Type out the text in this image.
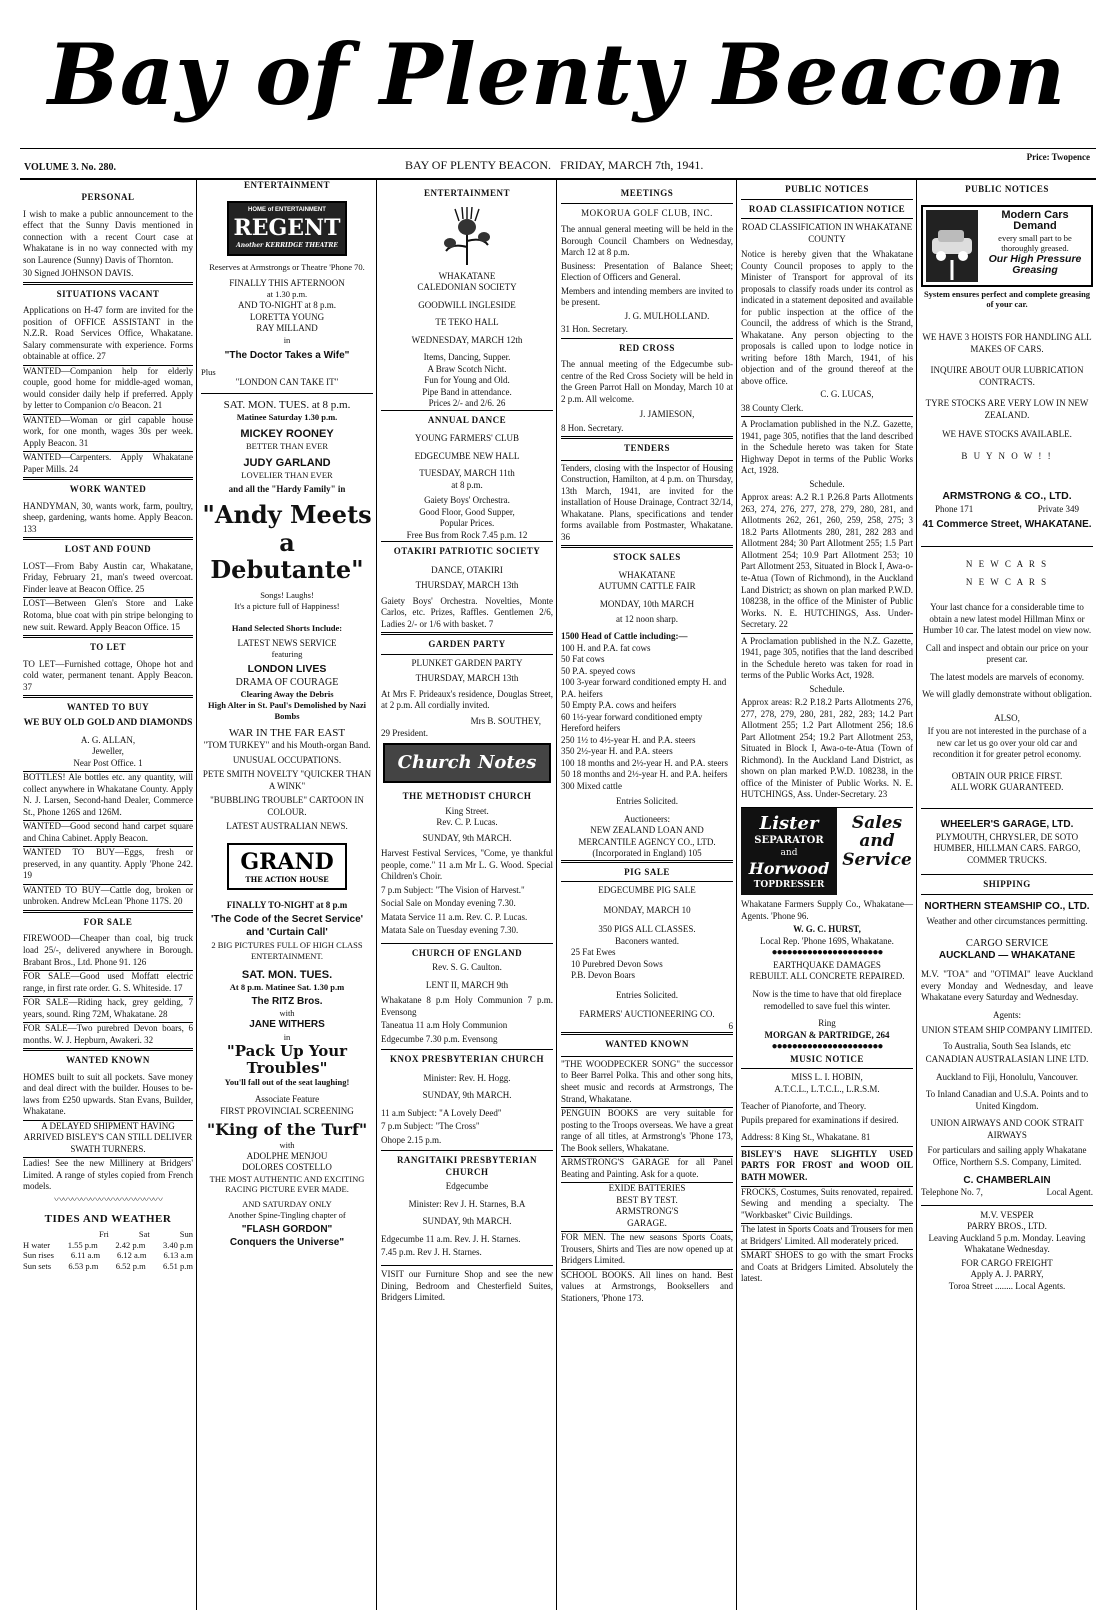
Bay of Plenty Beacon
VOLUME 3. No. 280.	BAY OF PLENTY BEACON. FRIDAY, MARCH 7th, 1941.
Price: Twopence
PERSONAL
I wish to make a public announcement to the effect that the Sunny Davis mentioned in connection with a recent Court case at Whakatane is in no way connected with my son Laurence (Sunny) Davis of Thornton.
30 Signed JOHNSON DAVIS.
SITUATIONS VACANT
Applications on H-47 form are invited for the position of OFFICE ASSISTANT in the N.Z.R. Road Services Office, Whakatane. Salary commensurate with experience. Forms obtainable at office. 27
WANTED—Companion help for elderly couple, good home for middle-aged woman, would consider daily help if preferred. Apply by letter to Companion c/o Beacon. 21
WANTED—Woman or girl capable house work, for one month, wages 30s per week. Apply Beacon. 31
WANTED—Carpenters. Apply Whakatane Paper Mills. 24
WORK WANTED
HANDYMAN, 30, wants work, farm, poultry, sheep, gardening, wants home. Apply Beacon. 133
LOST AND FOUND
LOST—From Baby Austin car, Whakatane, Friday, February 21, man's tweed overcoat. Finder leave at Beacon Office. 25
LOST—Between Glen's Store and Lake Rotoma, blue coat with pin stripe belonging to new suit. Reward. Apply Beacon Office. 15
TO LET
TO LET—Furnished cottage, Ohope hot and cold water, permanent tenant. Apply Beacon. 37
WANTED TO BUY
WE BUY OLD GOLD AND DIAMONDS
A. G. ALLAN,
Jeweller,
Near Post Office. 1
BOTTLES! Ale bottles etc. any quantity, will collect anywhere in Whakatane County. Apply N. J. Larsen, Second-hand Dealer, Commerce St., Phone 126S and 126M.
WANTED—Good second hand carpet square and China Cabinet. Apply Beacon.
WANTED TO BUY—Eggs, fresh or preserved, in any quantity. Apply 'Phone 242. 19
WANTED TO BUY—Cattle dog, broken or unbroken. Andrew McLean 'Phone 117S. 20
FOR SALE
FIREWOOD—Cheaper than coal, big truck load 25/-, delivered anywhere in Borough. Brabant Bros., Ltd. Phone 91. 126
FOR SALE—Good used Moffatt electric range, in first rate order. G. S. Whiteside. 17
FOR SALE—Riding hack, grey gelding, 7 years, sound. Ring 72M, Whakatane. 28
FOR SALE—Two purebred Devon boars, 6 months. W. J. Hepburn, Awakeri. 32
WANTED KNOWN
HOMES built to suit all pockets. Save money and deal direct with the builder. Houses to be-laws from £250 upwards. Stan Evans, Builder, Whakatane.
A DELAYED SHIPMENT HAVING ARRIVED BISLEY'S CAN STILL DELIVER SWATH TURNERS.
Ladies! See the new Millinery at Bridgers' Limited. A range of styles copied from French models.
〰〰〰〰〰〰〰〰〰〰〰〰
TIDES AND WEATHER
Fri	Sat	Sun
H water 1.55 p.m 2.42 p.m 3.40 p.m
Sun rises 6.11 a.m 6.12 a.m 6.13 a.m
Sun sets 6.53 p.m 6.52 p.m 6.51 p.m
ENTERTAINMENT
HOME of ENTERTAINMENT
REGENT
Another KERRIDGE THEATRE
Reserves at Armstrongs or Theatre 'Phone 70.
FINALLY THIS AFTERNOON
at 1.30 p.m.
AND TO-NIGHT at 8 p.m.
LORETTA YOUNG
RAY MILLAND
in
"The Doctor Takes a Wife"
Plus
"LONDON CAN TAKE IT"
SAT. MON. TUES. at 8 p.m.
Matinee Saturday 1.30 p.m.
MICKEY ROONEY
BETTER THAN EVER
JUDY GARLAND
LOVELIER THAN EVER
and all the "Hardy Family" in
"Andy Meets
a Debutante"
Songs! Laughs!
It's a picture full of Happiness!
Hand Selected Shorts Include:
LATEST NEWS SERVICE
featuring
LONDON LIVES
DRAMA OF COURAGE
Clearing Away the Debris
High Alter in St. Paul's Demolished by Nazi Bombs
WAR IN THE FAR EAST
"TOM TURKEY" and his Mouth-organ Band.
UNUSUAL OCCUPATIONS.
PETE SMITH NOVELTY "QUICKER THAN A WINK"
"BUBBLING TROUBLE" CARTOON IN COLOUR.
LATEST AUSTRALIAN NEWS.
GRAND
THE ACTION HOUSE
FINALLY TO-NIGHT at 8 p.m
'The Code of the Secret Service'
and 'Curtain Call'
2 BIG PICTURES FULL OF HIGH CLASS ENTERTAINMENT.
SAT. MON. TUES.
At 8 p.m. Matinee Sat. 1.30 p.m
The RITZ Bros.
with
JANE WITHERS
in
"Pack Up Your Troubles"
You'll fall out of the seat laughing!
Associate Feature
FIRST PROVINCIAL SCREENING
"King of the Turf"
with
ADOLPHE MENJOU
DOLORES COSTELLO
THE MOST AUTHENTIC AND EXCITING RACING PICTURE EVER MADE.
AND SATURDAY ONLY
Another Spine-Tingling chapter of
"FLASH GORDON"
Conquers the Universe"
ENTERTAINMENT
WHAKATANE
CALEDONIAN SOCIETY
GOODWILL INGLESIDE
TE TEKO HALL
WEDNESDAY, MARCH 12th
Items, Dancing, Supper.
A Braw Scotch Nicht.
Fun for Young and Old.
Pipe Band in attendance.
Prices 2/- and 2/6. 26
ANNUAL DANCE
YOUNG FARMERS' CLUB
EDGECUMBE NEW HALL
TUESDAY, MARCH 11th
at 8 p.m.
Gaiety Boys' Orchestra.
Good Floor, Good Supper,
Popular Prices.
Free Bus from Rock 7.45 p.m. 12
OTAKIRI PATRIOTIC SOCIETY
DANCE, OTAKIRI
THURSDAY, MARCH 13th
Gaiety Boys' Orchestra. Novelties, Monte Carlos, etc. Prizes, Raffles. Gentlemen 2/6, Ladies 2/- or 1/6 with basket. 7
GARDEN PARTY
PLUNKET GARDEN PARTY
THURSDAY, MARCH 13th
At Mrs F. Prideaux's residence, Douglas Street, at 2 p.m. All cordially invited.
Mrs B. SOUTHEY,
29 President.
Church Notes
THE METHODIST CHURCH
King Street.
Rev. C. P. Lucas.
SUNDAY, 9th MARCH.
Harvest Festival Services, "Come, ye thankful people, come." 11 a.m Mr L. G. Wood. Special Children's Choir.
7 p.m Subject: "The Vision of Harvest."
Social Sale on Monday evening 7.30.
Matata Service 11 a.m. Rev. C. P. Lucas.
Matata Sale on Tuesday evening 7.30.
CHURCH OF ENGLAND
Rev. S. G. Caulton.
LENT II, MARCH 9th
Whakatane 8 p.m Holy Communion 7 p.m. Evensong
Taneatua 11 a.m Holy Communion
Edgecumbe 7.30 p.m. Evensong
KNOX PRESBYTERIAN CHURCH
Minister: Rev. H. Hogg.
SUNDAY, 9th MARCH.
11 a.m Subject: "A Lovely Deed"
7 p.m Subject: "The Cross"
Ohope 2.15 p.m.
RANGITAIKI PRESBYTERIAN CHURCH
Edgecumbe
Minister: Rev J. H. Starnes, B.A
SUNDAY, 9th MARCH.
Edgecumbe 11 a.m. Rev. J. H. Starnes.
7.45 p.m. Rev J. H. Starnes.
VISIT our Furniture Shop and see the new Dining, Bedroom and Chesterfield Suites, Bridgers Limited.
MEETINGS
MOKORUA GOLF CLUB, INC.
The annual general meeting will be held in the Borough Council Chambers on Wednesday, March 12 at 8 p.m.
Business: Presentation of Balance Sheet; Election of Officers and General.
Members and intending members are invited to be present.
J. G. MULHOLLAND.
31 Hon. Secretary.
RED CROSS
The annual meeting of the Edgecumbe sub-centre of the Red Cross Society will be held in the Green Parrot Hall on Monday, March 10 at 2 p.m. All welcome.
J. JAMIESON,
8 Hon. Secretary.
TENDERS
Tenders, closing with the Inspector of Housing Construction, Hamilton, at 4 p.m. on Thursday, 13th March, 1941, are invited for the installation of House Drainage, Contract 32/14, Whakatane. Plans, specifications and tender forms available from Postmaster, Whakatane. 36
STOCK SALES
WHAKATANE
AUTUMN CATTLE FAIR
MONDAY, 10th MARCH
at 12 noon sharp.
1500 Head of Cattle including:—
100 H. and P.A. fat cows
50 Fat cows
50 P.A. speyed cows
100 3-year forward conditioned empty H. and P.A. heifers
50 Empty P.A. cows and heifers
60 1½-year forward conditioned empty Hereford heifers
250 1½ to 4½-year H. and P.A. steers
350 2½-year H. and P.A. steers
100 18 months and 2½-year H. and P.A. steers
50 18 months and 2½-year H. and P.A. heifers
300 Mixed cattle
Entries Solicited.
Auctioneers:
NEW ZEALAND LOAN AND MERCANTILE AGENCY CO., LTD.
(Incorporated in England) 105
PIG SALE
EDGECUMBE PIG SALE
MONDAY, MARCH 10
350 PIGS ALL CLASSES.
Baconers wanted.
25 Fat Ewes
10 Purebred Devon Sows
P.B. Devon Boars
Entries Solicited.
FARMERS' AUCTIONEERING CO.
6
WANTED KNOWN
"THE WOODPECKER SONG" the successor to Beer Barrel Polka. This and other song hits, sheet music and records at Armstrongs, The Strand, Whakatane.
PENGUIN BOOKS are very suitable for posting to the Troops overseas. We have a great range of all titles, at Armstrong's 'Phone 173, The Book sellers, Whakatane.
ARMSTRONG'S GARAGE for all Panel Beating and Painting. Ask for a quote.
EXIDE BATTERIES
BEST BY TEST.
ARMSTRONG'S
GARAGE.
FOR MEN. The new seasons Sports Coats, Trousers, Shirts and Ties are now opened up at Bridgers Limited.
SCHOOL BOOKS. All lines on hand. Best values at Armstrongs, Booksellers and Stationers, 'Phone 173.
PUBLIC NOTICES
ROAD CLASSIFICATION NOTICE
ROAD CLASSIFICATION IN WHAKATANE COUNTY
Notice is hereby given that the Whakatane County Council proposes to apply to the Minister of Transport for approval of its proposals to classify roads under its control as indicated in a statement deposited and available for public inspection at the office of the Council, the address of which is the Strand, Whakatane. Any person objecting to the proposals is called upon to lodge notice in writing before 18th March, 1941, of his objection and of the ground thereof at the above office.
C. G. LUCAS,
38 County Clerk.
A Proclamation published in the N.Z. Gazette, 1941, page 305, notifies that the land described in the Schedule hereto was taken for State Highway Depot in terms of the Public Works Act, 1928.
Schedule.
Approx areas: A.2 R.1 P.26.8 Parts Allotments 263, 274, 276, 277, 278, 279, 280, 281, and Allotments 262, 261, 260, 259, 258, 275; 3 18.2 Parts Allotments 280, 281, 282 283 and Allotment 284; 30 Part Allotment 255; 1.5 Part Allotment 254; 10.9 Part Allotment 253; 10 Part Allotment 253, Situated in Block I, Awa-o-te-Atua (Town of Richmond), in the Auckland Land District; as shown on plan marked P.W.D. 108238, in the office of the Minister of Public Works. N. E. HUTCHINGS, Ass. Under-Secretary. 22
A Proclamation published in the N.Z. Gazette, 1941, page 305, notifies that the land described in the Schedule hereto was taken for road in terms of the Public Works Act, 1928.
Schedule.
Approx areas: R.2 P.18.2 Parts Allotments 276, 277, 278, 279, 280, 281, 282, 283; 14.2 Part Allotment 255; 1.2 Part Allotment 256; 18.6 Part Allotment 254; 19.2 Part Allotment 253, Situated in Block I, Awa-o-te-Atua (Town of Richmond). In the Auckland Land District, as shown on plan marked P.W.D. 108238, in the office of the Minister of Public Works. N. E. HUTCHINGS, Ass. Under-Secretary. 23
Lister
SEPARATOR
and
Horwood
TOPDRESSER
Sales and Service
Whakatane Farmers Supply Co., Whakatane—Agents. 'Phone 96.
W. G. C. HURST,
Local Rep. 'Phone 169S, Whakatane.
●●●●●●●●●●●●●●●●●●●●●●
EARTHQUAKE DAMAGES
REBUILT. ALL CONCRETE REPAIRED.
Now is the time to have that old fireplace remodelled to save fuel this winter.
Ring
MORGAN & PARTRIDGE, 264
●●●●●●●●●●●●●●●●●●●●●●
MUSIC NOTICE
MISS L. I. HOBIN,
A.T.C.L., L.T.C.L., L.R.S.M.
Teacher of Pianoforte, and Theory.
Pupils prepared for examinations if desired.
Address: 8 King St., Whakatane. 81
BISLEY'S HAVE SLIGHTLY USED PARTS FOR FROST and WOOD OIL BATH MOWER.
FROCKS, Costumes, Suits renovated, repaired. Sewing and mending a specialty. The "Workbasket" Civic Buildings.
The latest in Sports Coats and Trousers for men at Bridgers' Limited. All moderately priced.
SMART SHOES to go with the smart Frocks and Coats at Bridgers Limited. Absolutely the latest.
PUBLIC NOTICES
Modern Cars Demand
every small part to be thoroughly greased.
Our High Pressure Greasing
System ensures perfect and complete greasing of your car.
WE HAVE 3 HOISTS FOR HANDLING ALL MAKES OF CARS.
INQUIRE ABOUT OUR LUBRICATION CONTRACTS.
TYRE STOCKS ARE VERY LOW IN NEW ZEALAND.
WE HAVE STOCKS AVAILABLE.
B U Y N O W ! !
ARMSTRONG & CO., LTD.
Phone 171	Private 349
41 Commerce Street, WHAKATANE.
N E W C A R S
N E W C A R S
Your last chance for a considerable time to obtain a new latest model Hillman Minx or Humber 10 car. The latest model on view now.
Call and inspect and obtain our price on your present car.
The latest models are marvels of economy.
We will gladly demonstrate without obligation.
ALSO,
If you are not interested in the purchase of a new car let us go over your old car and recondition it for greater petrol economy.
OBTAIN OUR PRICE FIRST.
ALL WORK GUARANTEED.
WHEELER'S GARAGE, LTD.
PLYMOUTH, CHRYSLER, DE SOTO HUMBER, HILLMAN CARS. FARGO, COMMER TRUCKS.
SHIPPING
NORTHERN STEAMSHIP CO., LTD.
Weather and other circumstances permitting.
CARGO SERVICE
AUCKLAND — WHAKATANE
M.V. "TOA" and "OTIMAI" leave Auckland every Monday and Wednesday, and leave Whakatane every Saturday and Wednesday.
Agents:
UNION STEAM SHIP COMPANY LIMITED.
To Australia, South Sea Islands, etc
CANADIAN AUSTRALASIAN LINE LTD.
Auckland to Fiji, Honolulu, Vancouver.
To Inland Canadian and U.S.A. Points and to United Kingdom.
UNION AIRWAYS AND COOK STRAIT AIRWAYS
For particulars and sailing apply Whakatane Office, Northern S.S. Company, Limited.
C. CHAMBERLAIN
Telephone No. 7,	Local Agent.
M.V. VESPER
PARRY BROS., LTD.
Leaving Auckland 5 p.m. Monday. Leaving Whakatane Wednesday.
FOR CARGO FREIGHT
Apply A. J. PARRY,
Toroa Street ........ Local Agents.
